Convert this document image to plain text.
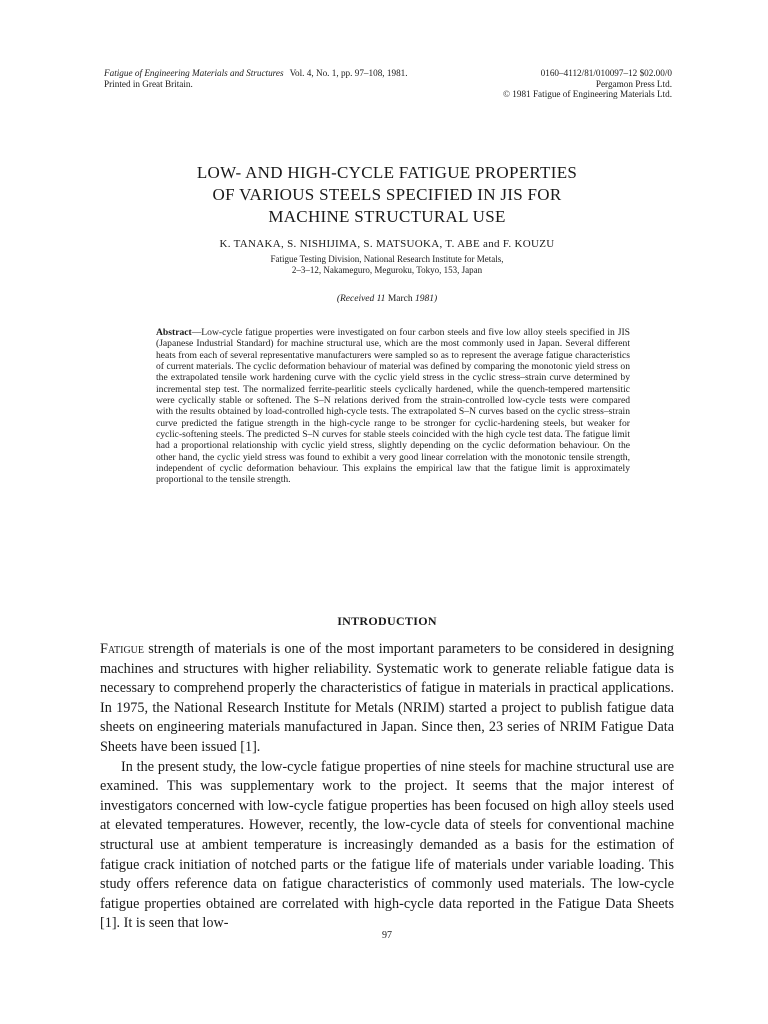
Fatigue of Engineering Materials and Structures Vol. 4, No. 1, pp. 97–108, 1981.	0160–4112/81/010097–12 $02.00/0
Printed in Great Britain.	Pergamon Press Ltd.
© 1981 Fatigue of Engineering Materials Ltd.
LOW- AND HIGH-CYCLE FATIGUE PROPERTIES
OF VARIOUS STEELS SPECIFIED IN JIS FOR
MACHINE STRUCTURAL USE
K. TANAKA, S. NISHIJIMA, S. MATSUOKA, T. ABE and F. KOUZU
Fatigue Testing Division, National Research Institute for Metals,
2–3–12, Nakameguro, Meguroku, Tokyo, 153, Japan
(Received 11 March 1981)
Abstract—Low-cycle fatigue properties were investigated on four carbon steels and five low alloy steels specified in JIS (Japanese Industrial Standard) for machine structural use, which are the most commonly used in Japan. Several different heats from each of several representative manufacturers were sampled so as to represent the average fatigue characteristics of current materials. The cyclic deformation behaviour of material was defined by comparing the monotonic yield stress on the extrapolated tensile work hardening curve with the cyclic yield stress in the cyclic stress–strain curve determined by incremental step test. The normalized ferrite-pearlitic steels cyclically hardened, while the quench-tempered martensitic were cyclically stable or softened. The S–N relations derived from the strain-controlled low-cycle tests were compared with the results obtained by load-controlled high-cycle tests. The extrapolated S–N curves based on the cyclic stress–strain curve predicted the fatigue strength in the high-cycle range to be stronger for cyclic-hardening steels, but weaker for cyclic-softening steels. The predicted S–N curves for stable steels coincided with the high cycle test data. The fatigue limit had a proportional relationship with cyclic yield stress, slightly depending on the cyclic deformation behaviour. On the other hand, the cyclic yield stress was found to exhibit a very good linear correlation with the monotonic tensile strength, independent of cyclic deformation behaviour. This explains the empirical law that the fatigue limit is approximately proportional to the tensile strength.
INTRODUCTION

Fatigue strength of materials is one of the most important parameters to be considered in designing machines and structures with higher reliability. Systematic work to generate reliable fatigue data is necessary to comprehend properly the characteristics of fatigue in materials in practical applications. In 1975, the National Research Institute for Metals (NRIM) started a project to publish fatigue data sheets on engineering materials manufactured in Japan. Since then, 23 series of NRIM Fatigue Data Sheets have been issued [1].

In the present study, the low-cycle fatigue properties of nine steels for machine structural use are examined. This was supplementary work to the project. It seems that the major interest of investigators concerned with low-cycle fatigue properties has been focused on high alloy steels used at elevated temperatures. However, recently, the low-cycle data of steels for conventional machine structural use at ambient temperature is increasingly demanded as a basis for the estimation of fatigue crack initiation of notched parts or the fatigue life of materials under variable loading. This study offers reference data on fatigue characteristics of commonly used materials. The low-cycle fatigue properties obtained are correlated with high-cycle data reported in the Fatigue Data Sheets [1]. It is seen that low-

97
